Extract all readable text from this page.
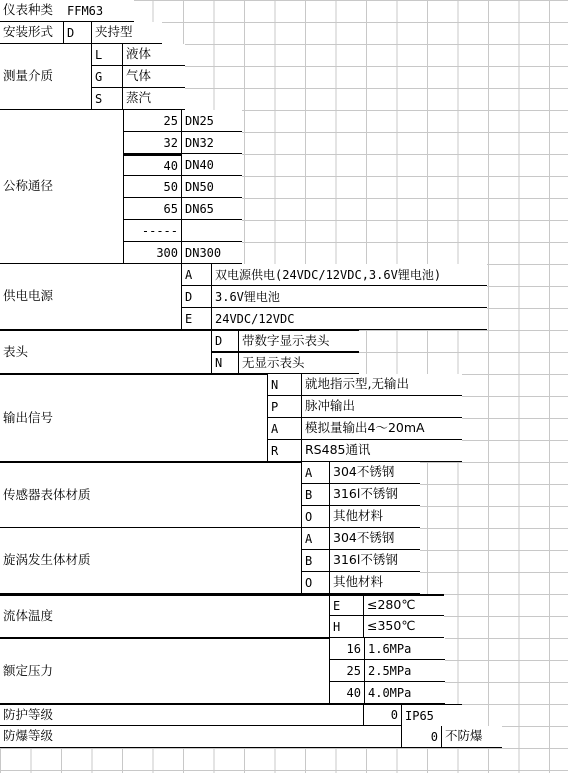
仪表种类	FFM63
安装形式	D	夹持型
测量介质
L	液体
G	气体
S	蒸汽
公称通径
25 DN25
32 DN32
40 DN40
50 DN50
65 DN65
-----
300 DN300
供电电源
A	双电源供电(24VDC/12VDC,3.6V锂电池)
D	3.6V锂电池
E	24VDC/12VDC
表头
D	带数字显示表头
N	无显示表头
输出信号
N	就地指示型,无输出
P	脉冲输出
A	模拟量输出4～20mA
R	RS485通讯
传感器表体材质
A	304不锈钢
B	316l不锈钢
O	其他材料
旋涡发生体材质
A	304不锈钢
B	316l不锈钢
O	其他材料
流体温度
E	≤280℃
H	≤350℃
额定压力
16 1.6MPa
25 2.5MPa
40 4.0MPa
防护等级	0 IP65
防爆等级	0 不防爆
